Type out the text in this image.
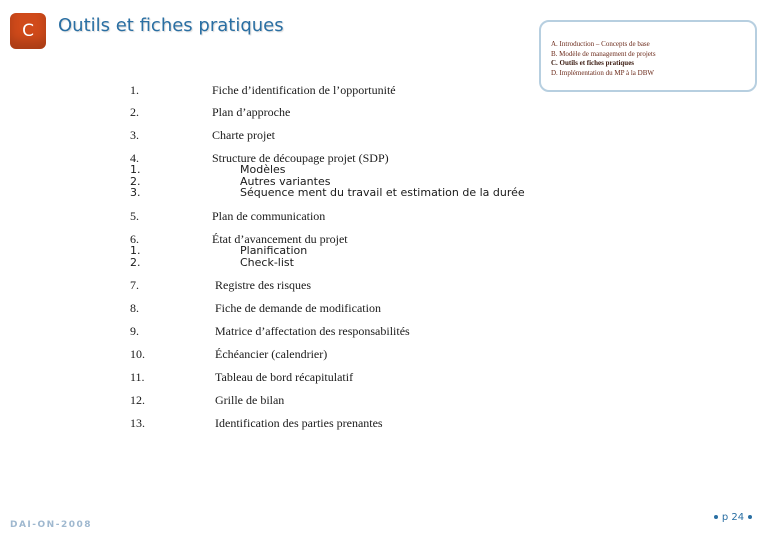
C	Outils et fiches pratiques
A. Introduction – Concepts de base
B. Modèle de management de projets
C. Outils et fiches pratiques
D. Implémentation du MP à la DBW
1.	Fiche d’identification de l’opportunité
2.	Plan d’approche
3.	Charte projet
4.	Structure de découpage projet (SDP)
1.	Modèles
2.	Autres variantes
3.	Séquence ment du travail et estimation de la durée
5.	Plan de communication
6.	État d’avancement du projet
1.	Planification
2.	Check-list
7.	Registre des risques
8.	Fiche de demande de modification
9.	Matrice d’affectation des responsabilités
10.	Échéancier (calendrier)
11.	Tableau de bord récapitulatif
12.	Grille de bilan
13.	Identification des parties prenantes
DAI-ON-2008
p 24
